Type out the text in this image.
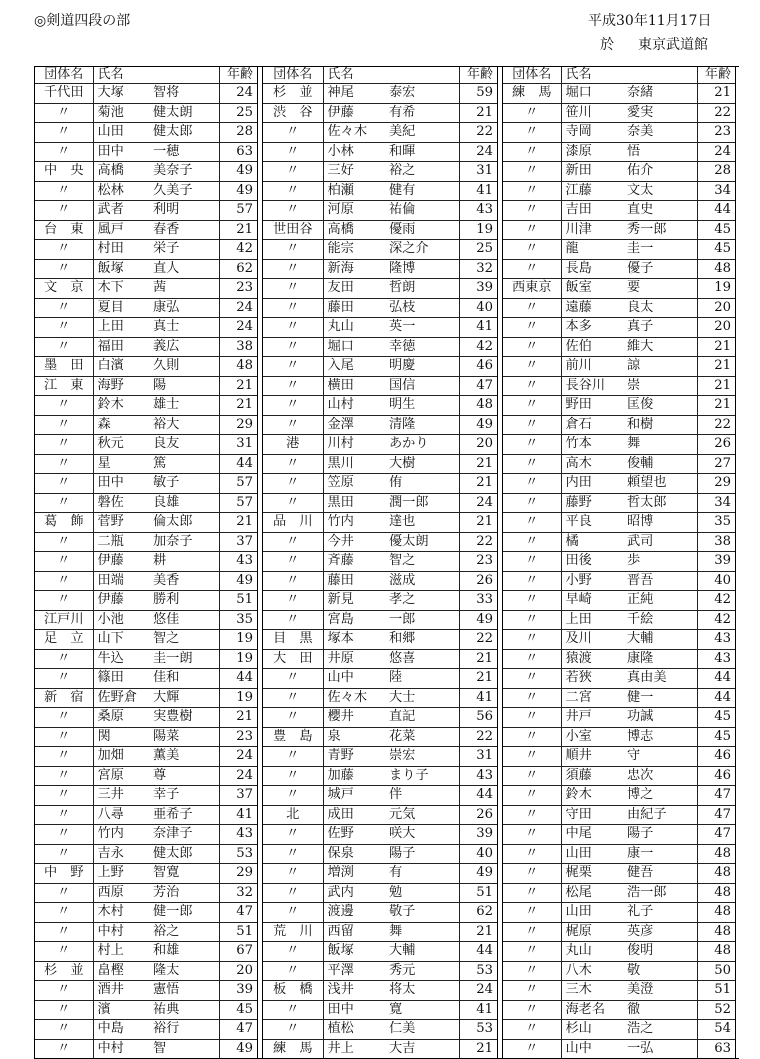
◎剣道四段の部	平成30年11月17日
於 東京武道館
団体名	氏名		年齢
千代田	大塚	智将	24
〃	菊池	健太朗	25
〃	山田	健太郎	28
〃	田中	一穂	63
中　央	高橋	美奈子	49
〃	松林	久美子	49
〃	武者	利明	57
台　東	風戸	春香	21
〃	村田	栄子	42
〃	飯塚	直人	62
文　京	木下	茜	23
〃	夏目	康弘	24
〃	上田	真士	24
〃	福田	義広	38
墨　田	白濱	久則	48
江　東	海野	陽	21
〃	鈴木	雄士	21
〃	森	裕大	29
〃	秋元	良友	31
〃	星	篤	44
〃	田中	敏子	57
〃	磐佐	良雄	57
葛　飾	菅野	倫太郎	21
〃	二瓶	加奈子	37
〃	伊藤	耕	43
〃	田端	美香	49
〃	伊藤	勝利	51
江戸川	小池	悠佳	35
足　立	山下	智之	19
〃	牛込	圭一朗	19
〃	篠田	佳和	44
新　宿	佐野倉	大輝	19
〃	桑原	実豊樹	21
〃	関	陽菜	23
〃	加畑	薫美	24
〃	宮原	尊	24
〃	三井	幸子	37
〃	八尋	亜希子	41
〃	竹内	奈津子	43
〃	吉永	健太郎	53
中　野	上野	智寛	29
〃	西原	芳治	32
〃	木村	健一郎	47
〃	中村	裕之	51
〃	村上	和雄	67
杉　並	畠樫	隆太	20
〃	酒井	憲悟	39
〃	濱	祐典	45
〃	中島	裕行	47
〃	中村	智	49
団体名	氏名		年齢
杉　並	神尾	泰宏	59
渋　谷	伊藤	有希	21
〃	佐々木	美紀	22
〃	小林	和暉	24
〃	三好	裕之	31
〃	柏瀬	健有	41
〃	河原	祐倫	43
世田谷	高橋	優雨	19
〃	能宗	深之介	25
〃	新海	隆博	32
〃	友田	哲朗	39
〃	藤田	弘枝	40
〃	丸山	英一	41
〃	堀口	幸徳	42
〃	入尾	明慶	46
〃	横田	国信	47
〃	山村	明生	48
〃	金澤	清隆	49
港	川村	あかり	20
〃	黒川	大樹	21
〃	笠原	侑	21
〃	黒田	潤一郎	24
品　川	竹内	達也	21
〃	今井	優太朗	22
〃	斉藤	智之	23
〃	藤田	滋成	26
〃	新見	孝之	33
〃	宮島	一郎	49
目　黒	塚本	和郷	22
大　田	井原	悠喜	21
〃	山中	陸	21
〃	佐々木	大士	41
〃	櫻井	直記	56
豊　島	泉	花菜	22
〃	青野	崇宏	31
〃	加藤	まり子	43
〃	城戸	伴	44
北	成田	元気	26
〃	佐野	咲大	39
〃	保泉	陽子	40
〃	増渕	有	49
〃	武内	勉	51
〃	渡邊	敬子	62
荒　川	西留	舞	21
〃	飯塚	大輔	44
〃	平澤	秀元	53
板　橋	浅井	将太	24
〃	田中	寛	41
〃	植松	仁美	53
練　馬	井上	大吉	21
団体名	氏名		年齢
練　馬	堀口	奈緒	21
〃	笹川	愛実	22
〃	寺岡	奈美	23
〃	漆原	悟	24
〃	新田	佑介	28
〃	江藤	文太	34
〃	吉田	直史	44
〃	川津	秀一郎	45
〃	龍	圭一	45
〃	長島	優子	48
西東京	飯室	要	19
〃	遠藤	良太	20
〃	本多	真子	20
〃	佐伯	維大	21
〃	前川	諒	21
〃	長谷川	崇	21
〃	野田	匡俊	21
〃	倉石	和樹	22
〃	竹本	舞	26
〃	高木	俊輔	27
〃	内田	頼望也	29
〃	藤野	哲太郎	34
〃	平良	昭博	35
〃	橘	武司	38
〃	田後	歩	39
〃	小野	晋吾	40
〃	早崎	正純	42
〃	上田	千絵	42
〃	及川	大輔	43
〃	猿渡	康隆	43
〃	若狹	真由美	44
〃	二宮	健一	44
〃	井戸	功誠	45
〃	小室	博志	45
〃	順井	守	46
〃	須藤	忠次	46
〃	鈴木	博之	47
〃	守田	由紀子	47
〃	中尾	陽子	47
〃	山田	康一	48
〃	梶栗	健吾	48
〃	松尾	浩一郎	48
〃	山田	礼子	48
〃	梶原	英彦	48
〃	丸山	俊明	48
〃	八木	敬	50
〃	三木	美澄	51
〃	海老名	徹	52
〃	杉山	浩之	54
〃	山中	一弘	63
